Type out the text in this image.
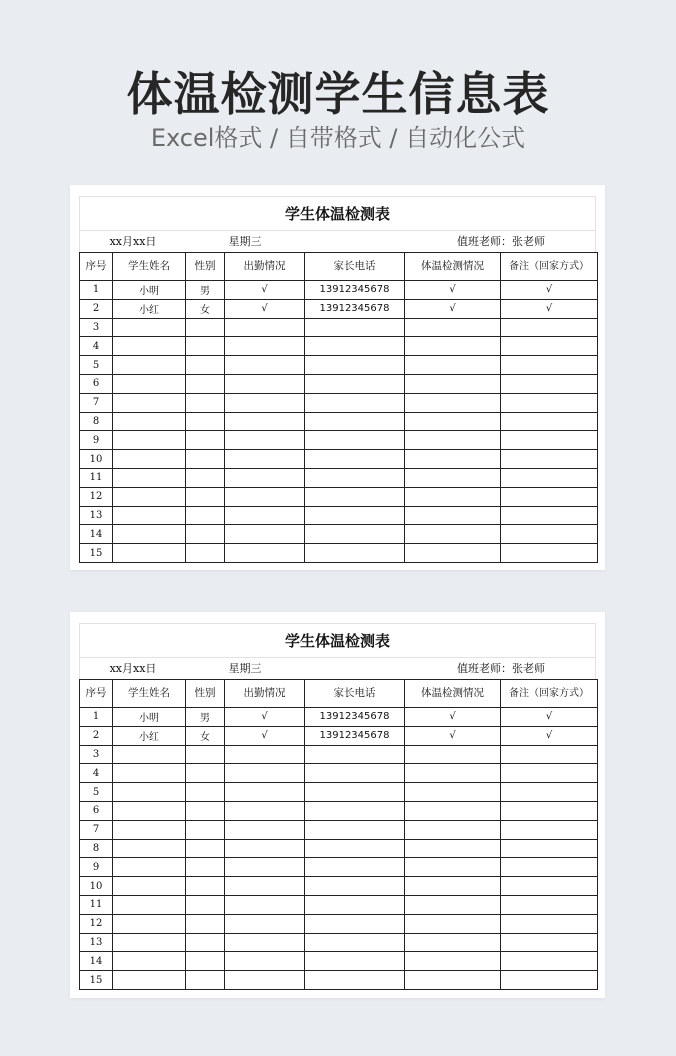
体温检测学生信息表
Excel格式 / 自带格式 / 自动化公式
学生体温检测表
xx月xx日	星期三	值班老师：张老师
序号	学生姓名	性别	出勤情况	家长电话	体温检测情况	备注（回家方式）
1	小明	男	√	13912345678	√	√
2	小红	女	√	13912345678	√	√
3						
4						
5						
6						
7						
8						
9						
10						
11						
12						
13						
14						
15						
学生体温检测表
xx月xx日	星期三	值班老师：张老师
序号	学生姓名	性别	出勤情况	家长电话	体温检测情况	备注（回家方式）
1	小明	男	√	13912345678	√	√
2	小红	女	√	13912345678	√	√
3						
4						
5						
6						
7						
8						
9						
10						
11						
12						
13						
14						
15						
